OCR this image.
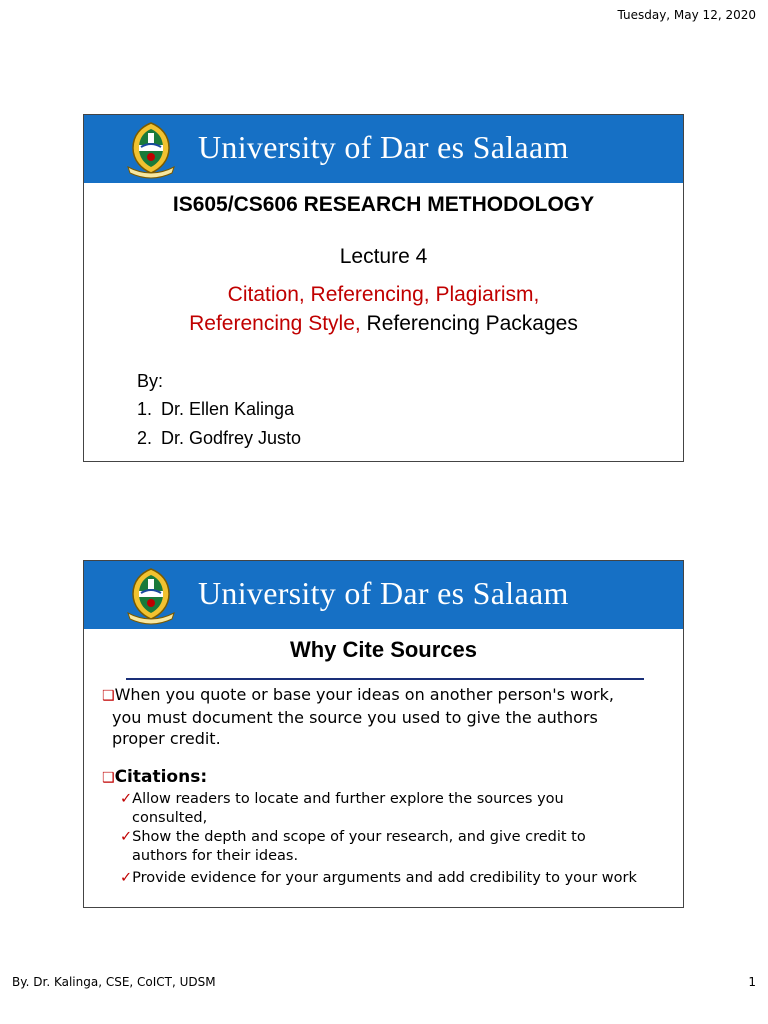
Tuesday, May 12, 2020
University of Dar es Salaam
IS605/CS606 RESEARCH METHODOLOGY
Lecture 4
Citation, Referencing, Plagiarism,
Referencing Style, Referencing Packages
By:
1. Dr. Ellen Kalinga
2. Dr. Godfrey Justo
University of Dar es Salaam
Why Cite Sources
❑When you quote or base your ideas on another person's work,
you must document the source you used to give the authors
proper credit.
❑Citations:
✓Allow readers to locate and further explore the sources you
consulted,
✓Show the depth and scope of your research, and give credit to
authors for their ideas.
✓Provide evidence for your arguments and add credibility to your work
By. Dr. Kalinga, CSE, CoICT, UDSM	1
